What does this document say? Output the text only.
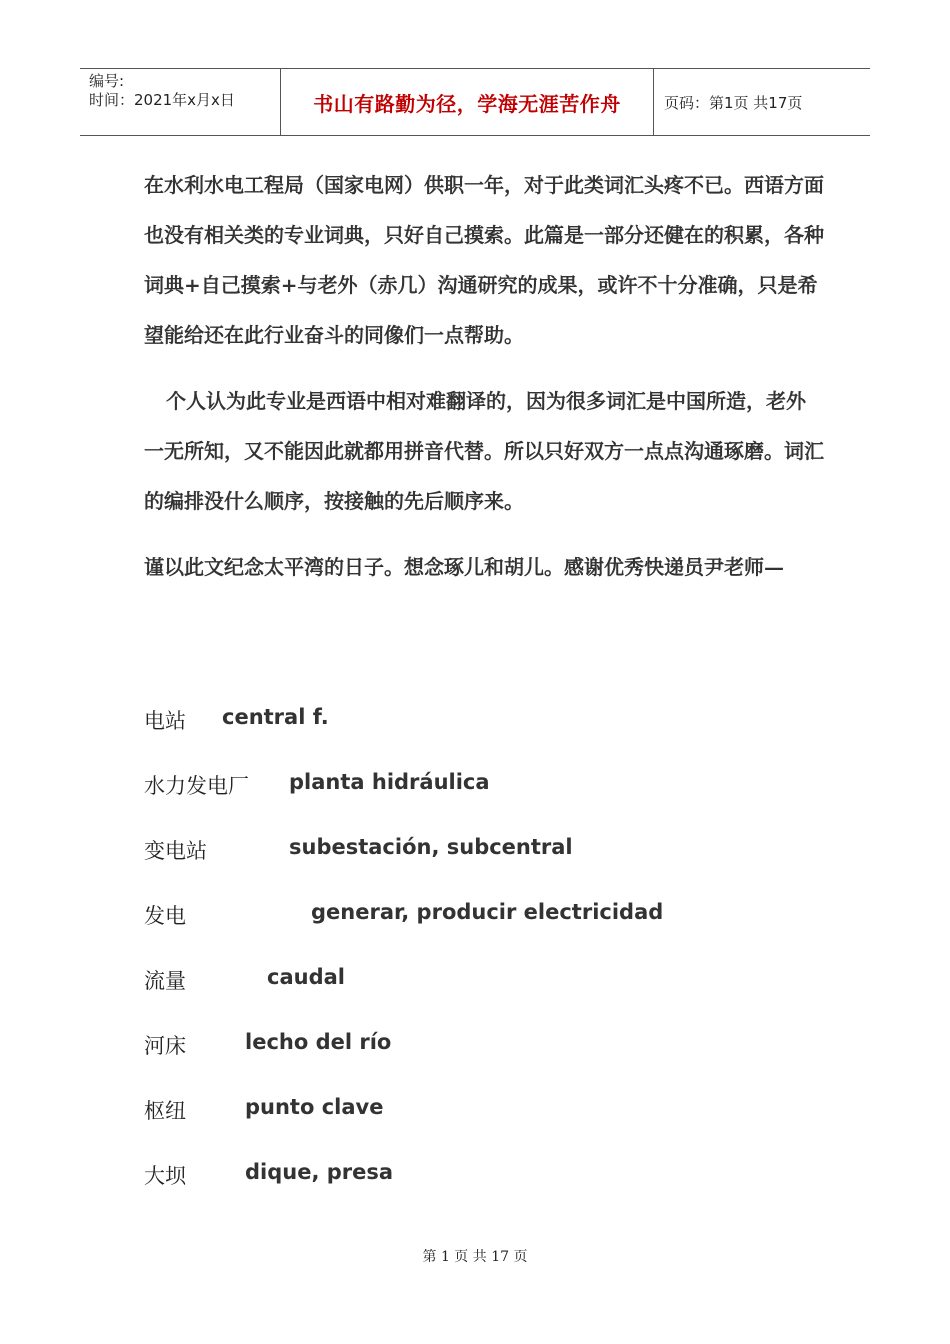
编号:
时间：2021年x月x日	书山有路勤为径，学海无涯苦作舟	页码：第1页 共17页

在水利水电工程局（国家电网）供职一年，对于此类词汇头疼不已。西语方面也没有相关类的专业词典，只好自己摸索。此篇是一部分还健在的积累，各种词典+自己摸索+与老外（赤几）沟通研究的成果，或许不十分准确，只是希望能给还在此行业奋斗的同像们一点帮助。

个人认为此专业是西语中相对难翻译的，因为很多词汇是中国所造，老外一无所知，又不能因此就都用拼音代替。所以只好双方一点点沟通琢磨。词汇的编排没什么顺序，按接触的先后顺序来。

谨以此文纪念太平湾的日子。想念琢儿和胡儿。感谢优秀快递员尹老师—

电站 central f.
水力发电厂 planta hidráulica
变电站	subestación, subcentral
发电	generar, producir electricidad
流量	caudal
河床	lecho del río
枢纽	punto clave
大坝	dique, presa
第 1 页 共 17 页
